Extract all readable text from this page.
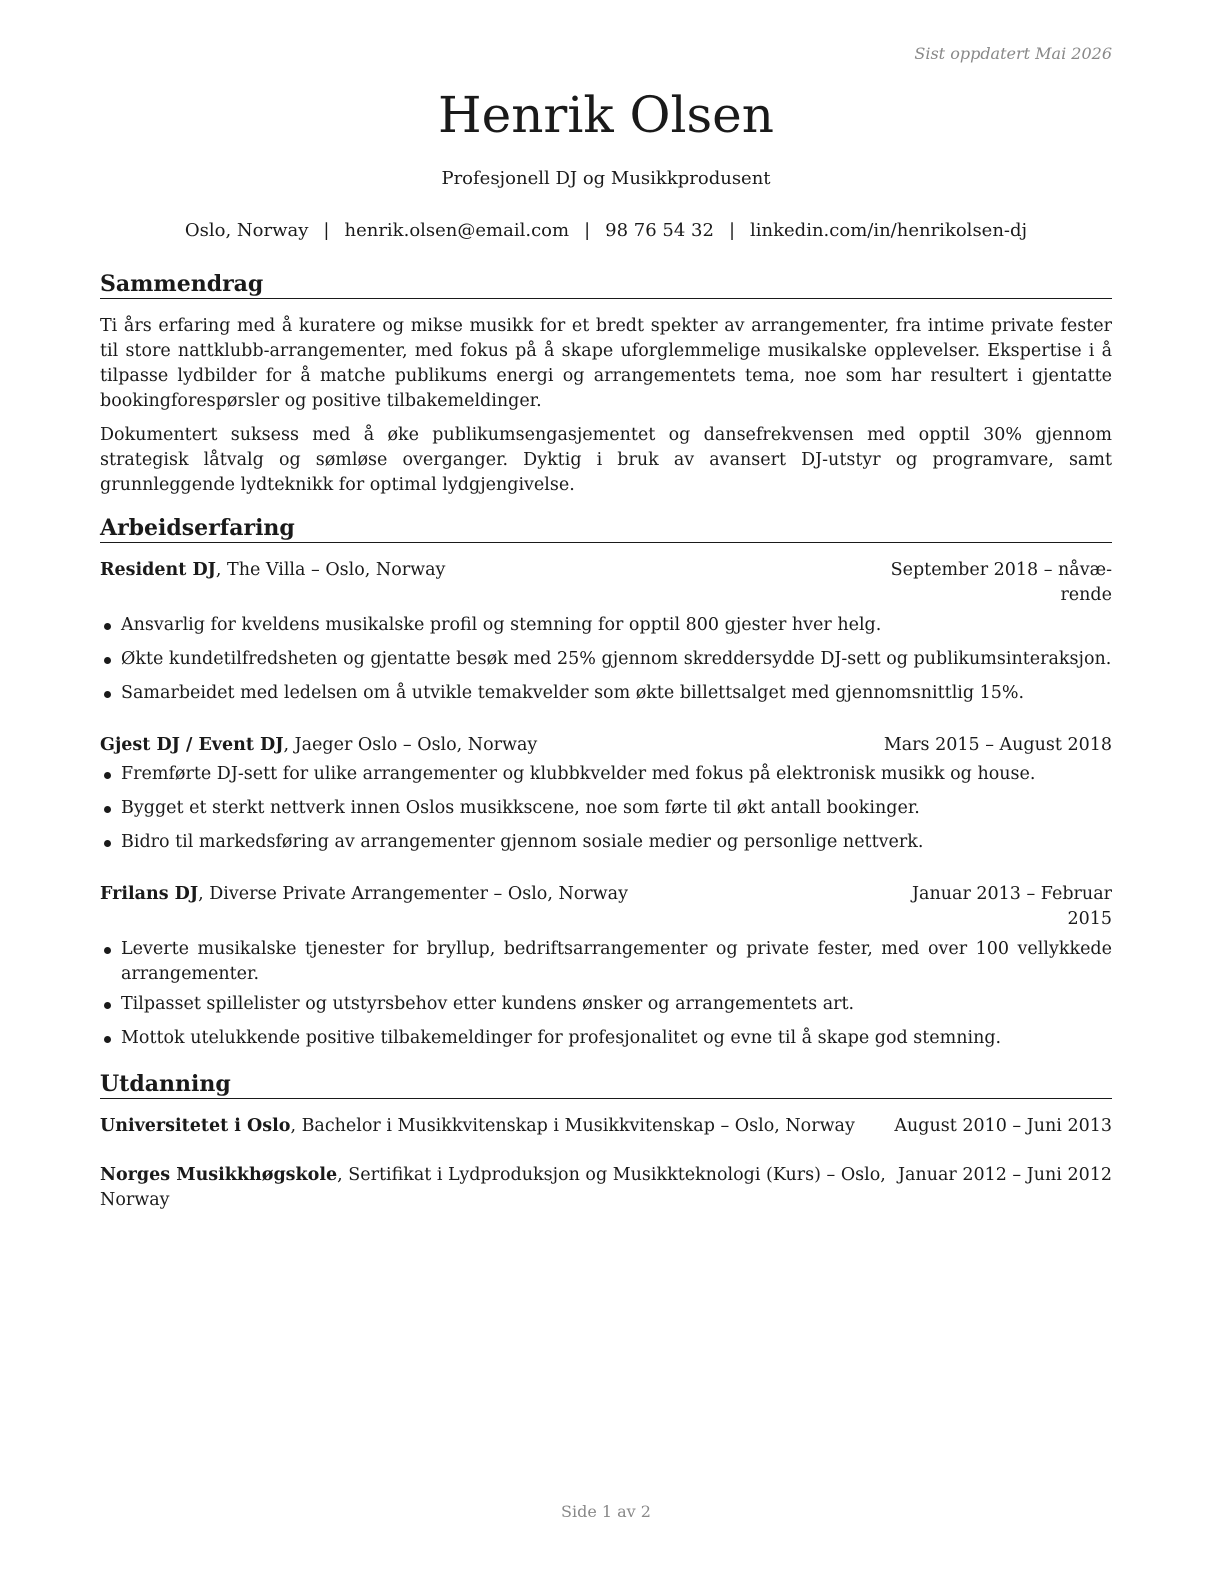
Sist oppdatert Mai 2026
Henrik Olsen
Profesjonell DJ og Musikkprodusent
Oslo, Norway | henrik.olsen@email.com | 98 76 54 32 | linkedin.com/in/henrikolsen-dj
Sammendrag

Ti års erfaring med å kuratere og mikse musikk for et bredt spekter av arrangementer, fra intime private fester til store nattklubb-arrangementer, med fokus på å skape uforglemmelige musikalske opplevelser. Ekspertise i å tilpasse lydbilder for å matche publikums energi og arrangementets tema, noe som har resultert i gjentatte bookingforespørsler og positive tilbakemeldinger.

Dokumentert suksess med å øke publikumsengasjementet og dansefrekvensen med opptil 30% gjennom strategisk låtvalg og sømløse overganger. Dyktig i bruk av avansert DJ-utstyr og programvare, samt grunnleggende lydteknikk for optimal lydgjengivelse.

Arbeidserfaring
Resident DJ, The Villa – Oslo, Norway	September 2018 – nåvæ-
rende
Ansvarlig for kveldens musikalske profil og stemning for opptil 800 gjester hver helg.
Økte kundetilfredsheten og gjentatte besøk med 25% gjennom skreddersydde DJ-sett og publikumsinteraksjon.
Samarbeidet med ledelsen om å utvikle temakvelder som økte billettsalget med gjennomsnittlig 15%.
Gjest DJ / Event DJ, Jaeger Oslo – Oslo, Norway	Mars 2015 – August 2018
Fremførte DJ-sett for ulike arrangementer og klubbkvelder med fokus på elektronisk musikk og house.
Bygget et sterkt nettverk innen Oslos musikkscene, noe som førte til økt antall bookinger.
Bidro til markedsføring av arrangementer gjennom sosiale medier og personlige nettverk.
Frilans DJ, Diverse Private Arrangementer – Oslo, Norway	Januar 2013 – Februar
2015
Leverte musikalske tjenester for bryllup, bedriftsarrangementer og private fester, med over 100 vellykkede arrangementer.
Tilpasset spillelister og utstyrsbehov etter kundens ønsker og arrangementets art.
Mottok utelukkende positive tilbakemeldinger for profesjonalitet og evne til å skape god stemning.
Utdanning
Universitetet i Oslo, Bachelor i Musikkvitenskap i Musikkvitenskap – Oslo, Norway August 2010 – Juni 2013
Norges Musikkhøgskole, Sertifikat i Lydproduksjon og Musikkteknologi (Kurs) – Oslo,
Norway
Januar 2012 – Juni 2012
Side 1 av 2
